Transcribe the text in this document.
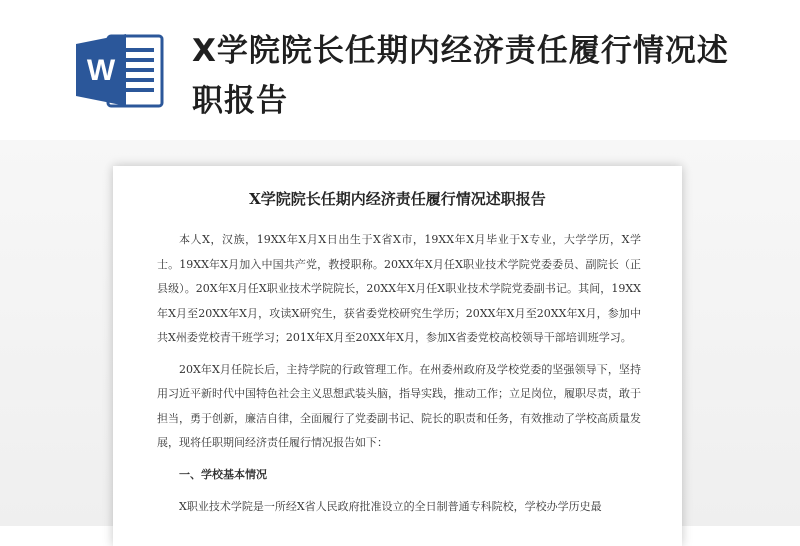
W
X学院院长任期内经济责任履行情况述职报告
X学院院长任期内经济责任履行情况述职报告

本人X，汉族，19XX年X月X日出生于X省X市，19XX年X月毕业于X专业，大学学历，X学士。19XX年X月加入中国共产党，教授职称。20XX年X月任X职业技术学院党委委员、副院长（正县级）。20X年X月任X职业技术学院院长，20XX年X月任X职业技术学院党委副书记。其间，19XX年X月至20XX年X月，攻读X研究生，获省委党校研究生学历；20XX年X月至20XX年X月，参加中共X州委党校青干班学习；201X年X月至20XX年X月，参加X省委党校高校领导干部培训班学习。

20X年X月任院长后，主持学院的行政管理工作。在州委州政府及学校党委的坚强领导下，坚持用习近平新时代中国特色社会主义思想武装头脑，指导实践，推动工作；立足岗位，履职尽责，敢于担当，勇于创新，廉洁自律，全面履行了党委副书记、院长的职责和任务，有效推动了学校高质量发展，现将任职期间经济责任履行情况报告如下：

一、学校基本情况

X职业技术学院是一所经X省人民政府批准设立的全日制普通专科院校，学校办学历史最
